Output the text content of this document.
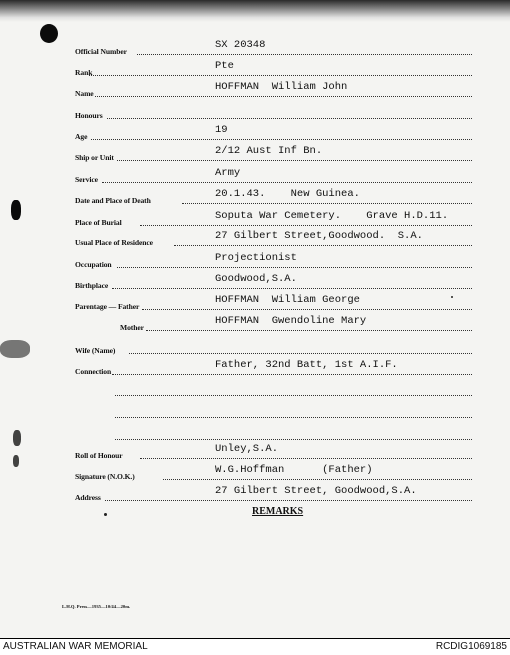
Official Number
SX 20348
Rank
Pte
Name
HOFFMAN  William John
Honours
Age
19
Ship or Unit
2/12 Aust Inf Bn.
Service
Army
Date and Place of Death
20.1.43.    New Guinea.
Place of Burial
Soputa War Cemetery.    Grave H.D.11.
Usual Place of Residence
27 Gilbert Street,Goodwood.  S.A.
Occupation
Projectionist
Birthplace
Goodwood,S.A.
Parentage — Father
HOFFMAN  William George
Mother
HOFFMAN  Gwendoline Mary
Wife (Name)
Connection
Father, 32nd Batt, 1st A.I.F.
Roll of Honour
Unley,S.A.
Signature (N.O.K.)
W.G.Hoffman      (Father)
Address
27 Gilbert Street, Goodwood,S.A.
REMARKS
L.H.Q. Press—1935—10/44—20m.
AUSTRALIAN WAR MEMORIAL	RCDIG1069185
